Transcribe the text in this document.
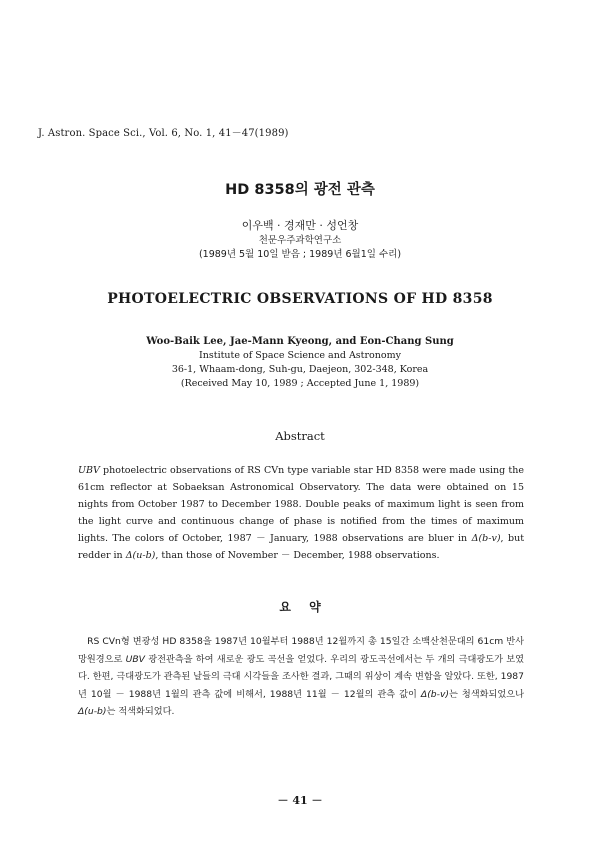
J. Astron. Space Sci., Vol. 6, No. 1, 41－47(1989)
HD 8358의 광전 관측
이우백 · 경재만 · 성언창
천문우주과학연구소
(1989년 5월 10일 받음 ; 1989년 6월1일 수리)
PHOTOELECTRIC OBSERVATIONS OF HD 8358
Woo-Baik Lee, Jae-Mann Kyeong, and Eon-Chang Sung
Institute of Space Science and Astronomy
36-1, Whaam-dong, Suh-gu, Daejeon, 302-348, Korea
(Received May 10, 1989 ; Accepted June 1, 1989)
Abstract
UBV photoelectric observations of RS CVn type variable star HD 8358 were made using the 61cm reflector at Sobaeksan Astronomical Observatory. The data were obtained on 15 nights from October 1987 to December 1988. Double peaks of maximum light is seen from the light curve and continuous change of phase is notified from the times of maximum lights. The colors of October, 1987 － January, 1988 observations are bluer in Δ(b-v), but redder in Δ(u-b), than those of November － December, 1988 observations.
요 약
RS CVn형 변광성 HD 8358을 1987년 10월부터 1988년 12월까지 총 15일간 소백산천문대의 61cm 반사망원경으로 UBV 광전관측을 하여 새로운 광도 곡선을 얻었다. 우리의 광도곡선에서는 두 개의 극대광도가 보였다. 한편, 극대광도가 관측된 날들의 극대 시각들을 조사한 결과, 그때의 위상이 계속 변함을 알았다. 또한, 1987년 10월 － 1988년 1월의 관측 값에 비해서, 1988년 11월 － 12월의 관측 값이 Δ(b-v)는 청색화되었으나 Δ(u-b)는 적색화되었다.
－ 41 －
